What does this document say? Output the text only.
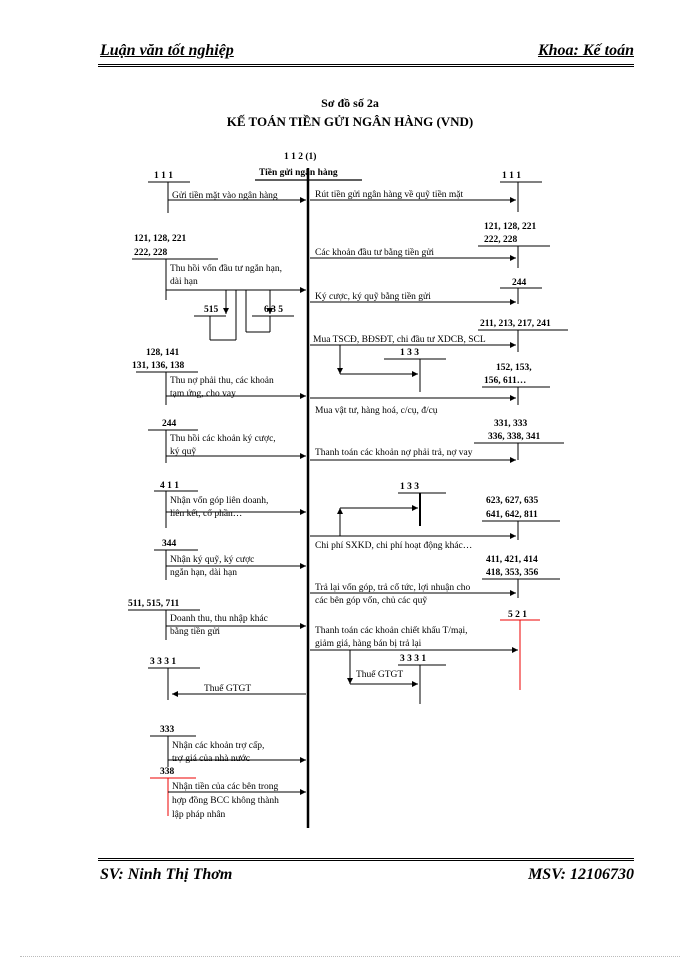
Luận văn tốt nghiệp	Khoa: Kế toán
Sơ đồ số 2a
KẾ TOÁN TIỀN GỬI NGÂN HÀNG (VND)
1 1 2 (1)
Tiền gửi ngân hàng
1 1 1
Gửi tiền mặt vào ngân hàng
121, 128, 221
222, 228
Thu hồi vốn đầu tư ngắn hạn,
dài hạn
515	6 3 5
128, 141
131, 136, 138
Thu nợ phải thu, các khoản
tạm ứng, cho vay
244
Thu hồi các khoản ký cược,
ký quỹ
4 1 1
Nhận vốn góp liên doanh,
liên kết, cổ phần…
344
Nhận ký quỹ, ký cược
ngắn hạn, dài hạn
511, 515, 711
Doanh thu, thu nhập khác
bằng tiền gửi
3 3 3 1
Thuế GTGT
333
Nhận các khoản trợ cấp,
trợ giá của nhà nước
338
Nhận tiền của các bên trong
hợp đồng BCC không thành
lập pháp nhân
1 1 1
Rút tiền gửi ngân hàng về quỹ tiền mặt
121, 128, 221
222, 228
Các khoản đầu tư bằng tiền gửi
244
Ký cược, ký quỹ bằng tiền gửi
211, 213, 217, 241
Mua TSCĐ, BĐSĐT, chi đầu tư XDCB, SCL
1 3 3
152, 153,
156, 611…
Mua vật tư, hàng hoá, c/cụ, đ/cụ
331, 333
336, 338, 341
Thanh toán các khoản nợ phải trả, nợ vay
1 3 3
623, 627, 635
641, 642, 811
Chi phí SXKD, chi phí hoạt động khác…
411, 421, 414
418, 353, 356
Trả lại vốn góp, trả cổ tức, lợi nhuận cho
các bên góp vốn, chủ các quỹ
5 2 1
Thanh toán các khoản chiết khấu T/mại,
giảm giá, hàng bán bị trả lại
3 3 3 1
Thuế GTGT
SV: Ninh Thị Thơm	MSV: 12106730
